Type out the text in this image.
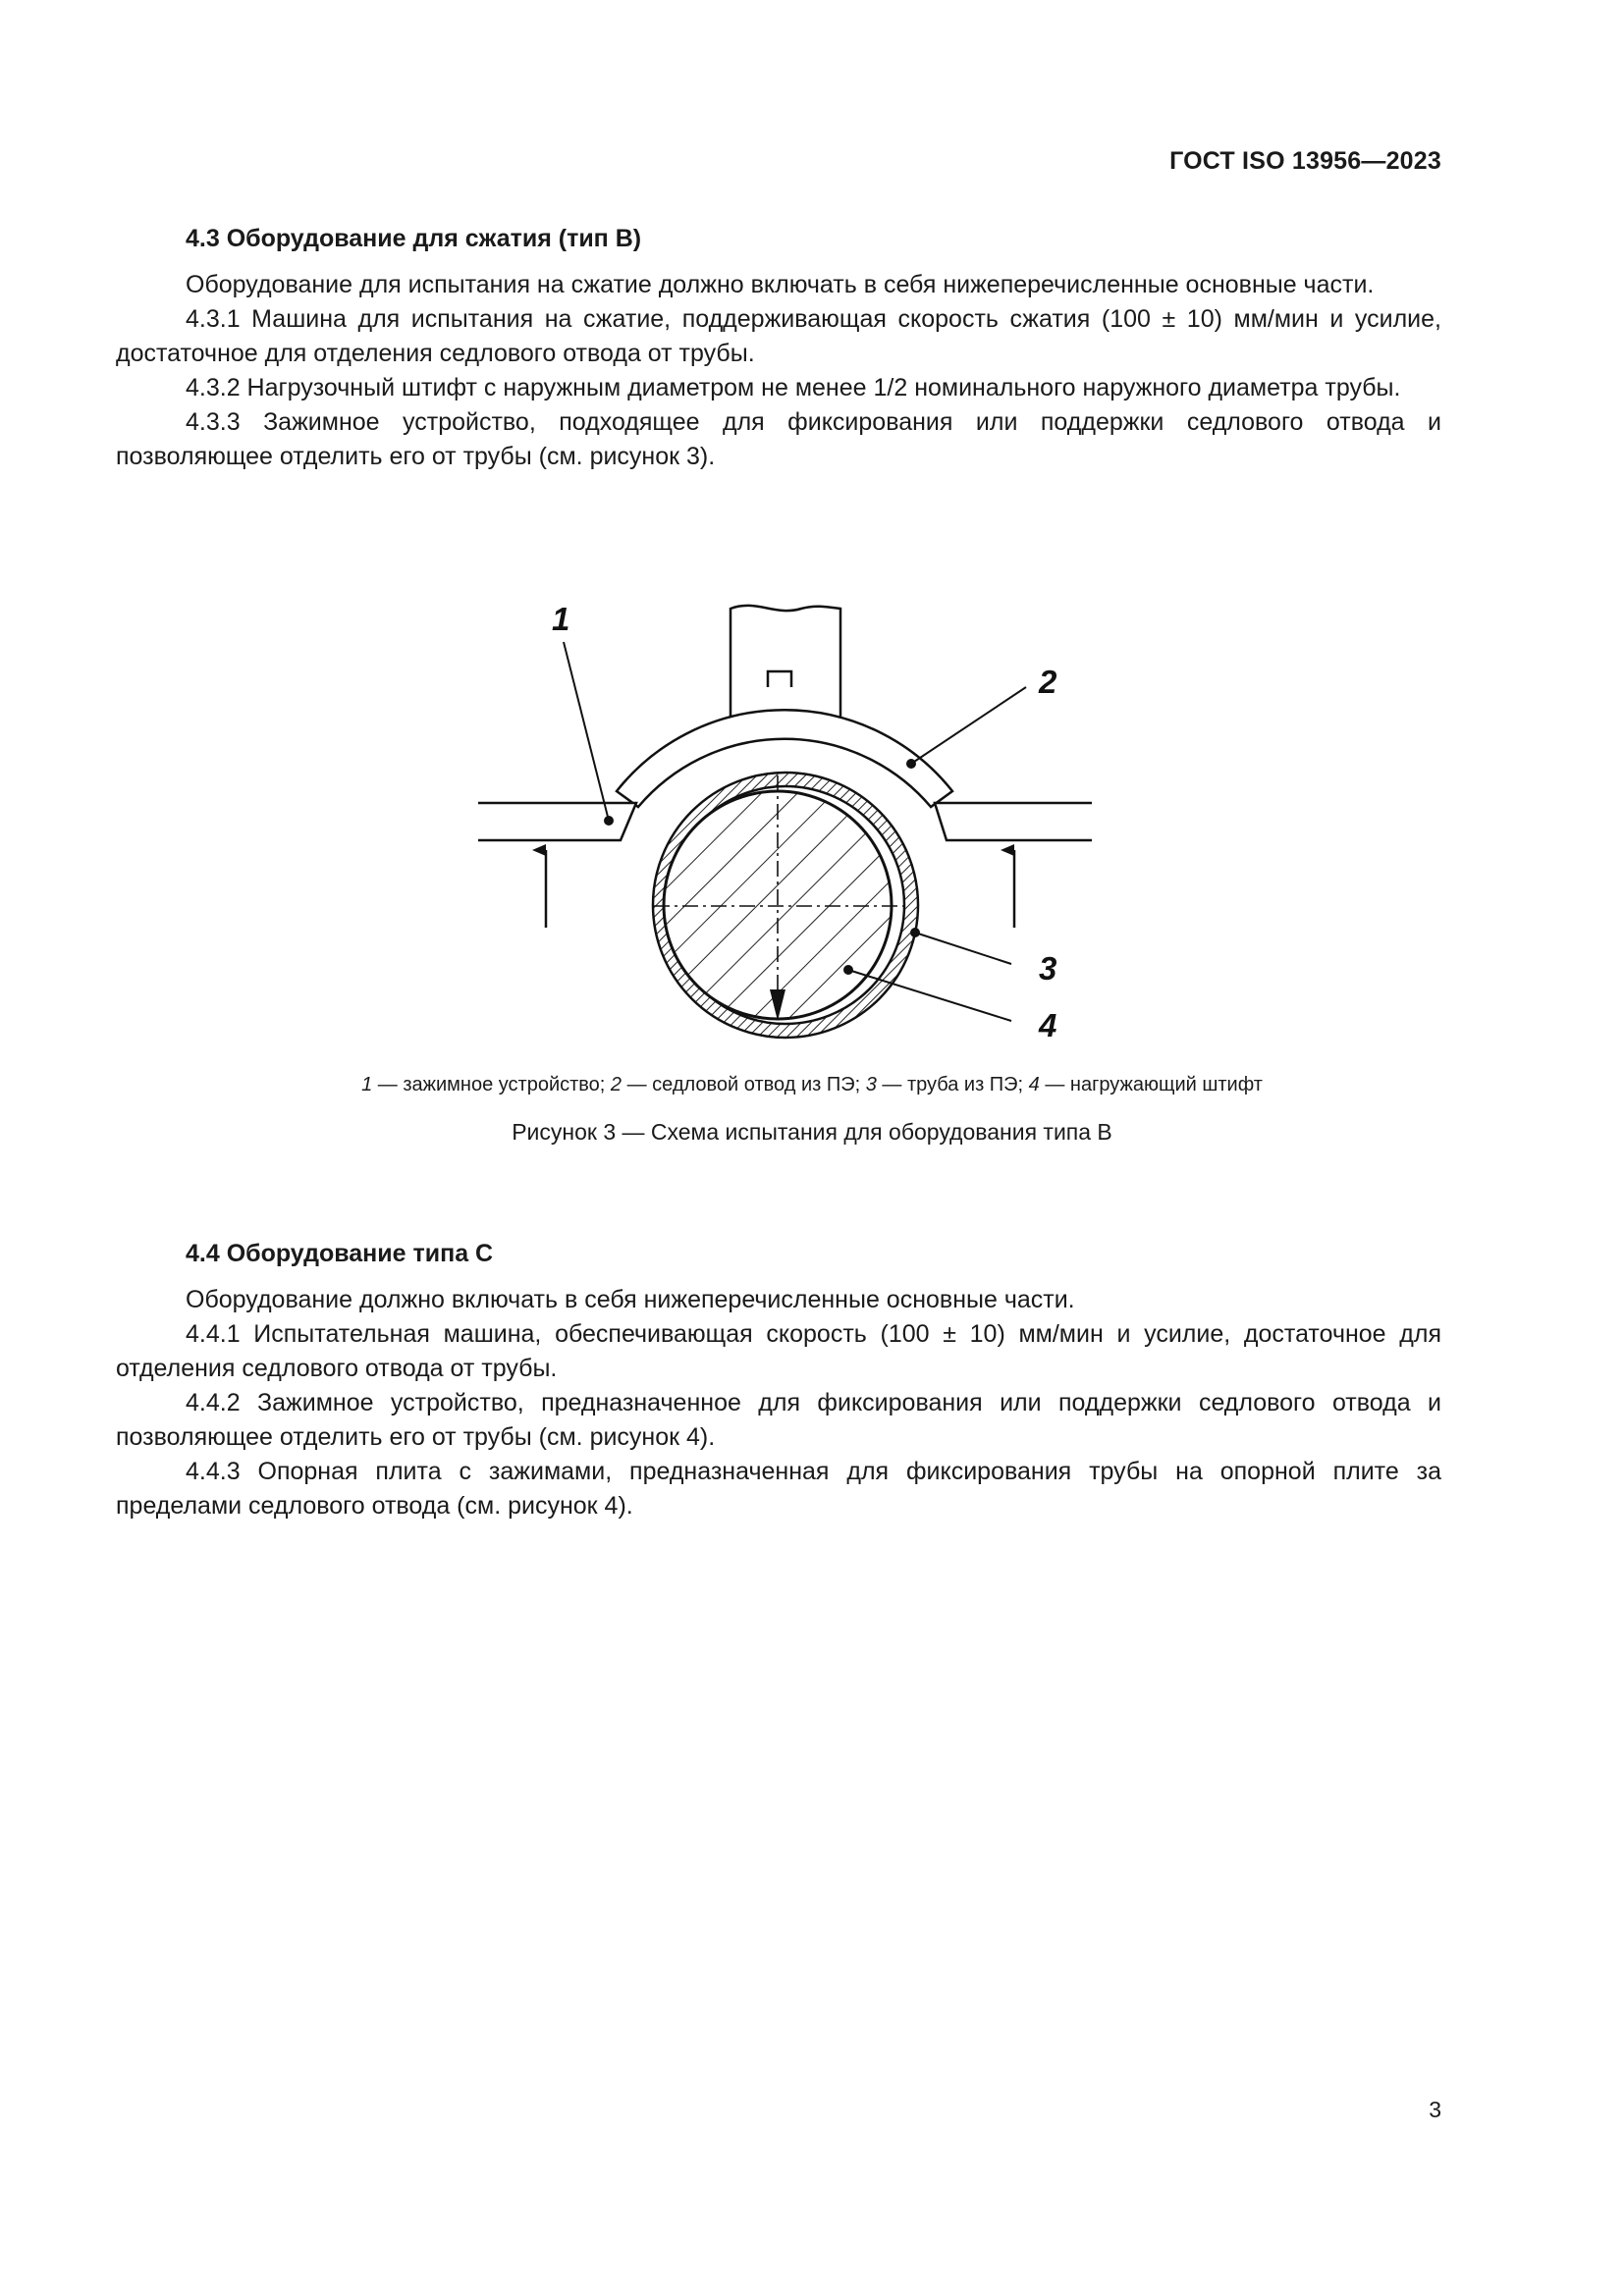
ГОСТ ISO 13956—2023

4.3 Оборудование для сжатия (тип В)

Оборудование для испытания на сжатие должно включать в себя нижеперечисленные основные части.

4.3.1 Машина для испытания на сжатие, поддерживающая скорость сжатия (100 ± 10) мм/мин и усилие, достаточное для отделения седлового отвода от трубы.

4.3.2 Нагрузочный штифт с наружным диаметром не менее 1/2 номинального наружного диаметра трубы.

4.3.3 Зажимное устройство, подходящее для фиксирования или поддержки седлового отвода и позволяющее отделить его от трубы (см. рисунок 3).

1
2
3
4
1 — зажимное устройство; 2 — седловой отвод из ПЭ; 3 — труба из ПЭ; 4 — нагружающий штифт
Рисунок 3 — Схема испытания для оборудования типа В

4.4 Оборудование типа С

Оборудование должно включать в себя нижеперечисленные основные части.

4.4.1 Испытательная машина, обеспечивающая скорость (100 ± 10) мм/мин и усилие, достаточное для отделения седлового отвода от трубы.

4.4.2 Зажимное устройство, предназначенное для фиксирования или поддержки седлового отвода и позволяющее отделить его от трубы (см. рисунок 4).

4.4.3 Опорная плита с зажимами, предназначенная для фиксирования трубы на опорной плите за пределами седлового отвода (см. рисунок 4).

3
